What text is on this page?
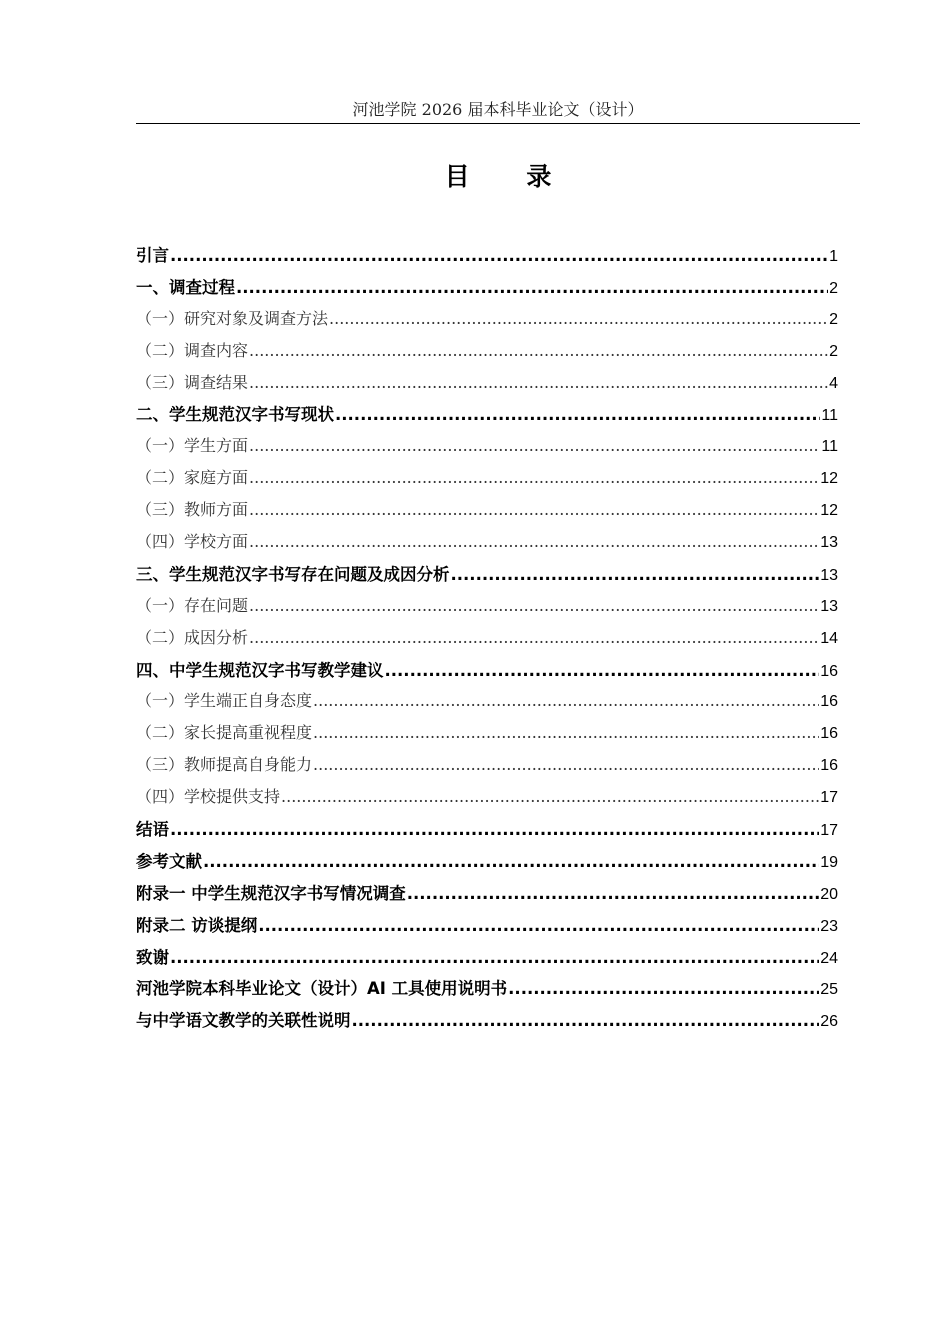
河池学院 2026 届本科毕业论文（设计）
目 录
引言 .....	1
一、调查过程 .....	2
（一）研究对象及调查方法 .....	2
（二）调查内容 .....	2
（三）调查结果 .....	4
二、学生规范汉字书写现状 .....	11
（一）学生方面 .....	11
（二）家庭方面 .....	12
（三）教师方面 .....	12
（四）学校方面 .....	13
三、学生规范汉字书写存在问题及成因分析 .....	13
（一）存在问题 .....	13
（二）成因分析 .....	14
四、中学生规范汉字书写教学建议 .....	16
（一）学生端正自身态度 .....	16
（二）家长提高重视程度 .....	16
（三）教师提高自身能力 .....	16
（四）学校提供支持 .....	17
结语 .....	17
参考文献 .....	19
附录一 中学生规范汉字书写情况调查 .....	20
附录二 访谈提纲 .....	23
致谢 .....	24
河池学院本科毕业论文（设计）AI 工具使用说明书 .....	25
与中学语文教学的关联性说明 .....	26
